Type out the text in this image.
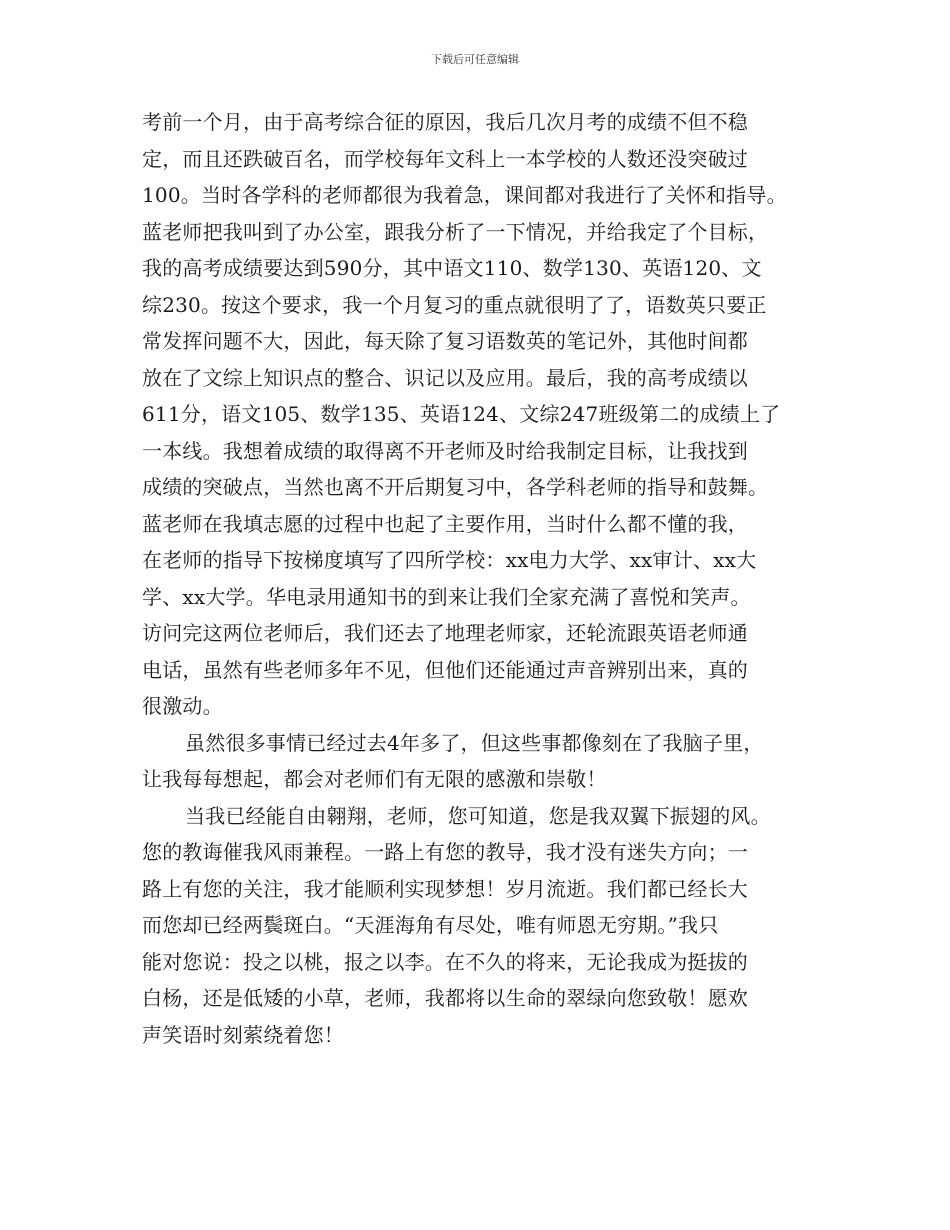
下载后可任意编辑
考前一个月，由于高考综合征的原因，我后几次月考的成绩不但不稳
定，而且还跌破百名，而学校每年文科上一本学校的人数还没突破过
100。当时各学科的老师都很为我着急，课间都对我进行了关怀和指导。
蓝老师把我叫到了办公室，跟我分析了一下情况，并给我定了个目标，
我的高考成绩要达到590分，其中语文110、数学130、英语120、文
综230。按这个要求，我一个月复习的重点就很明了了，语数英只要正
常发挥问题不大，因此，每天除了复习语数英的笔记外，其他时间都
放在了文综上知识点的整合、识记以及应用。最后，我的高考成绩以
611分，语文105、数学135、英语124、文综247班级第二的成绩上了
一本线。我想着成绩的取得离不开老师及时给我制定目标，让我找到
成绩的突破点，当然也离不开后期复习中，各学科老师的指导和鼓舞。
蓝老师在我填志愿的过程中也起了主要作用，当时什么都不懂的我，
在老师的指导下按梯度填写了四所学校：xx电力大学、xx审计、xx大
学、xx大学。华电录用通知书的到来让我们全家充满了喜悦和笑声。
访问完这两位老师后，我们还去了地理老师家，还轮流跟英语老师通
电话，虽然有些老师多年不见，但他们还能通过声音辨别出来，真的
很激动。
虽然很多事情已经过去4年多了，但这些事都像刻在了我脑子里，
让我每每想起，都会对老师们有无限的感激和崇敬！
当我已经能自由翱翔，老师，您可知道，您是我双翼下振翅的风。
您的教诲催我风雨兼程。一路上有您的教导，我才没有迷失方向；一
路上有您的关注，我才能顺利实现梦想！岁月流逝。我们都已经长大
而您却已经两鬓斑白。“天涯海角有尽处，唯有师恩无穷期。”我只
能对您说：投之以桃，报之以李。在不久的将来，无论我成为挺拔的
白杨，还是低矮的小草，老师，我都将以生命的翠绿向您致敬！愿欢
声笑语时刻萦绕着您！
